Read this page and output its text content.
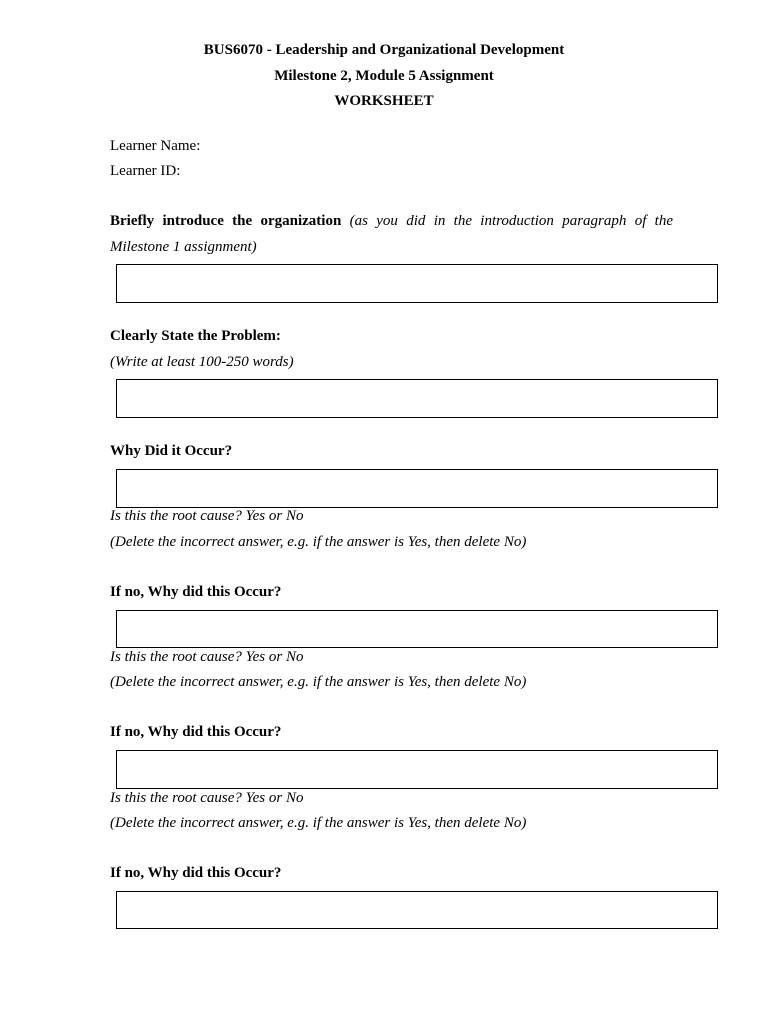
BUS6070 - Leadership and Organizational Development
Milestone 2, Module 5 Assignment
WORKSHEET
Learner Name:
Learner ID:
Briefly introduce the organization (as you did in the introduction paragraph of the
Milestone 1 assignment)
Clearly State the Problem:
(Write at least 100-250 words)
Why Did it Occur?
Is this the root cause? Yes or No
(Delete the incorrect answer, e.g. if the answer is Yes, then delete No)
If no, Why did this Occur?
Is this the root cause? Yes or No
(Delete the incorrect answer, e.g. if the answer is Yes, then delete No)
If no, Why did this Occur?
Is this the root cause? Yes or No
(Delete the incorrect answer, e.g. if the answer is Yes, then delete No)
If no, Why did this Occur?
